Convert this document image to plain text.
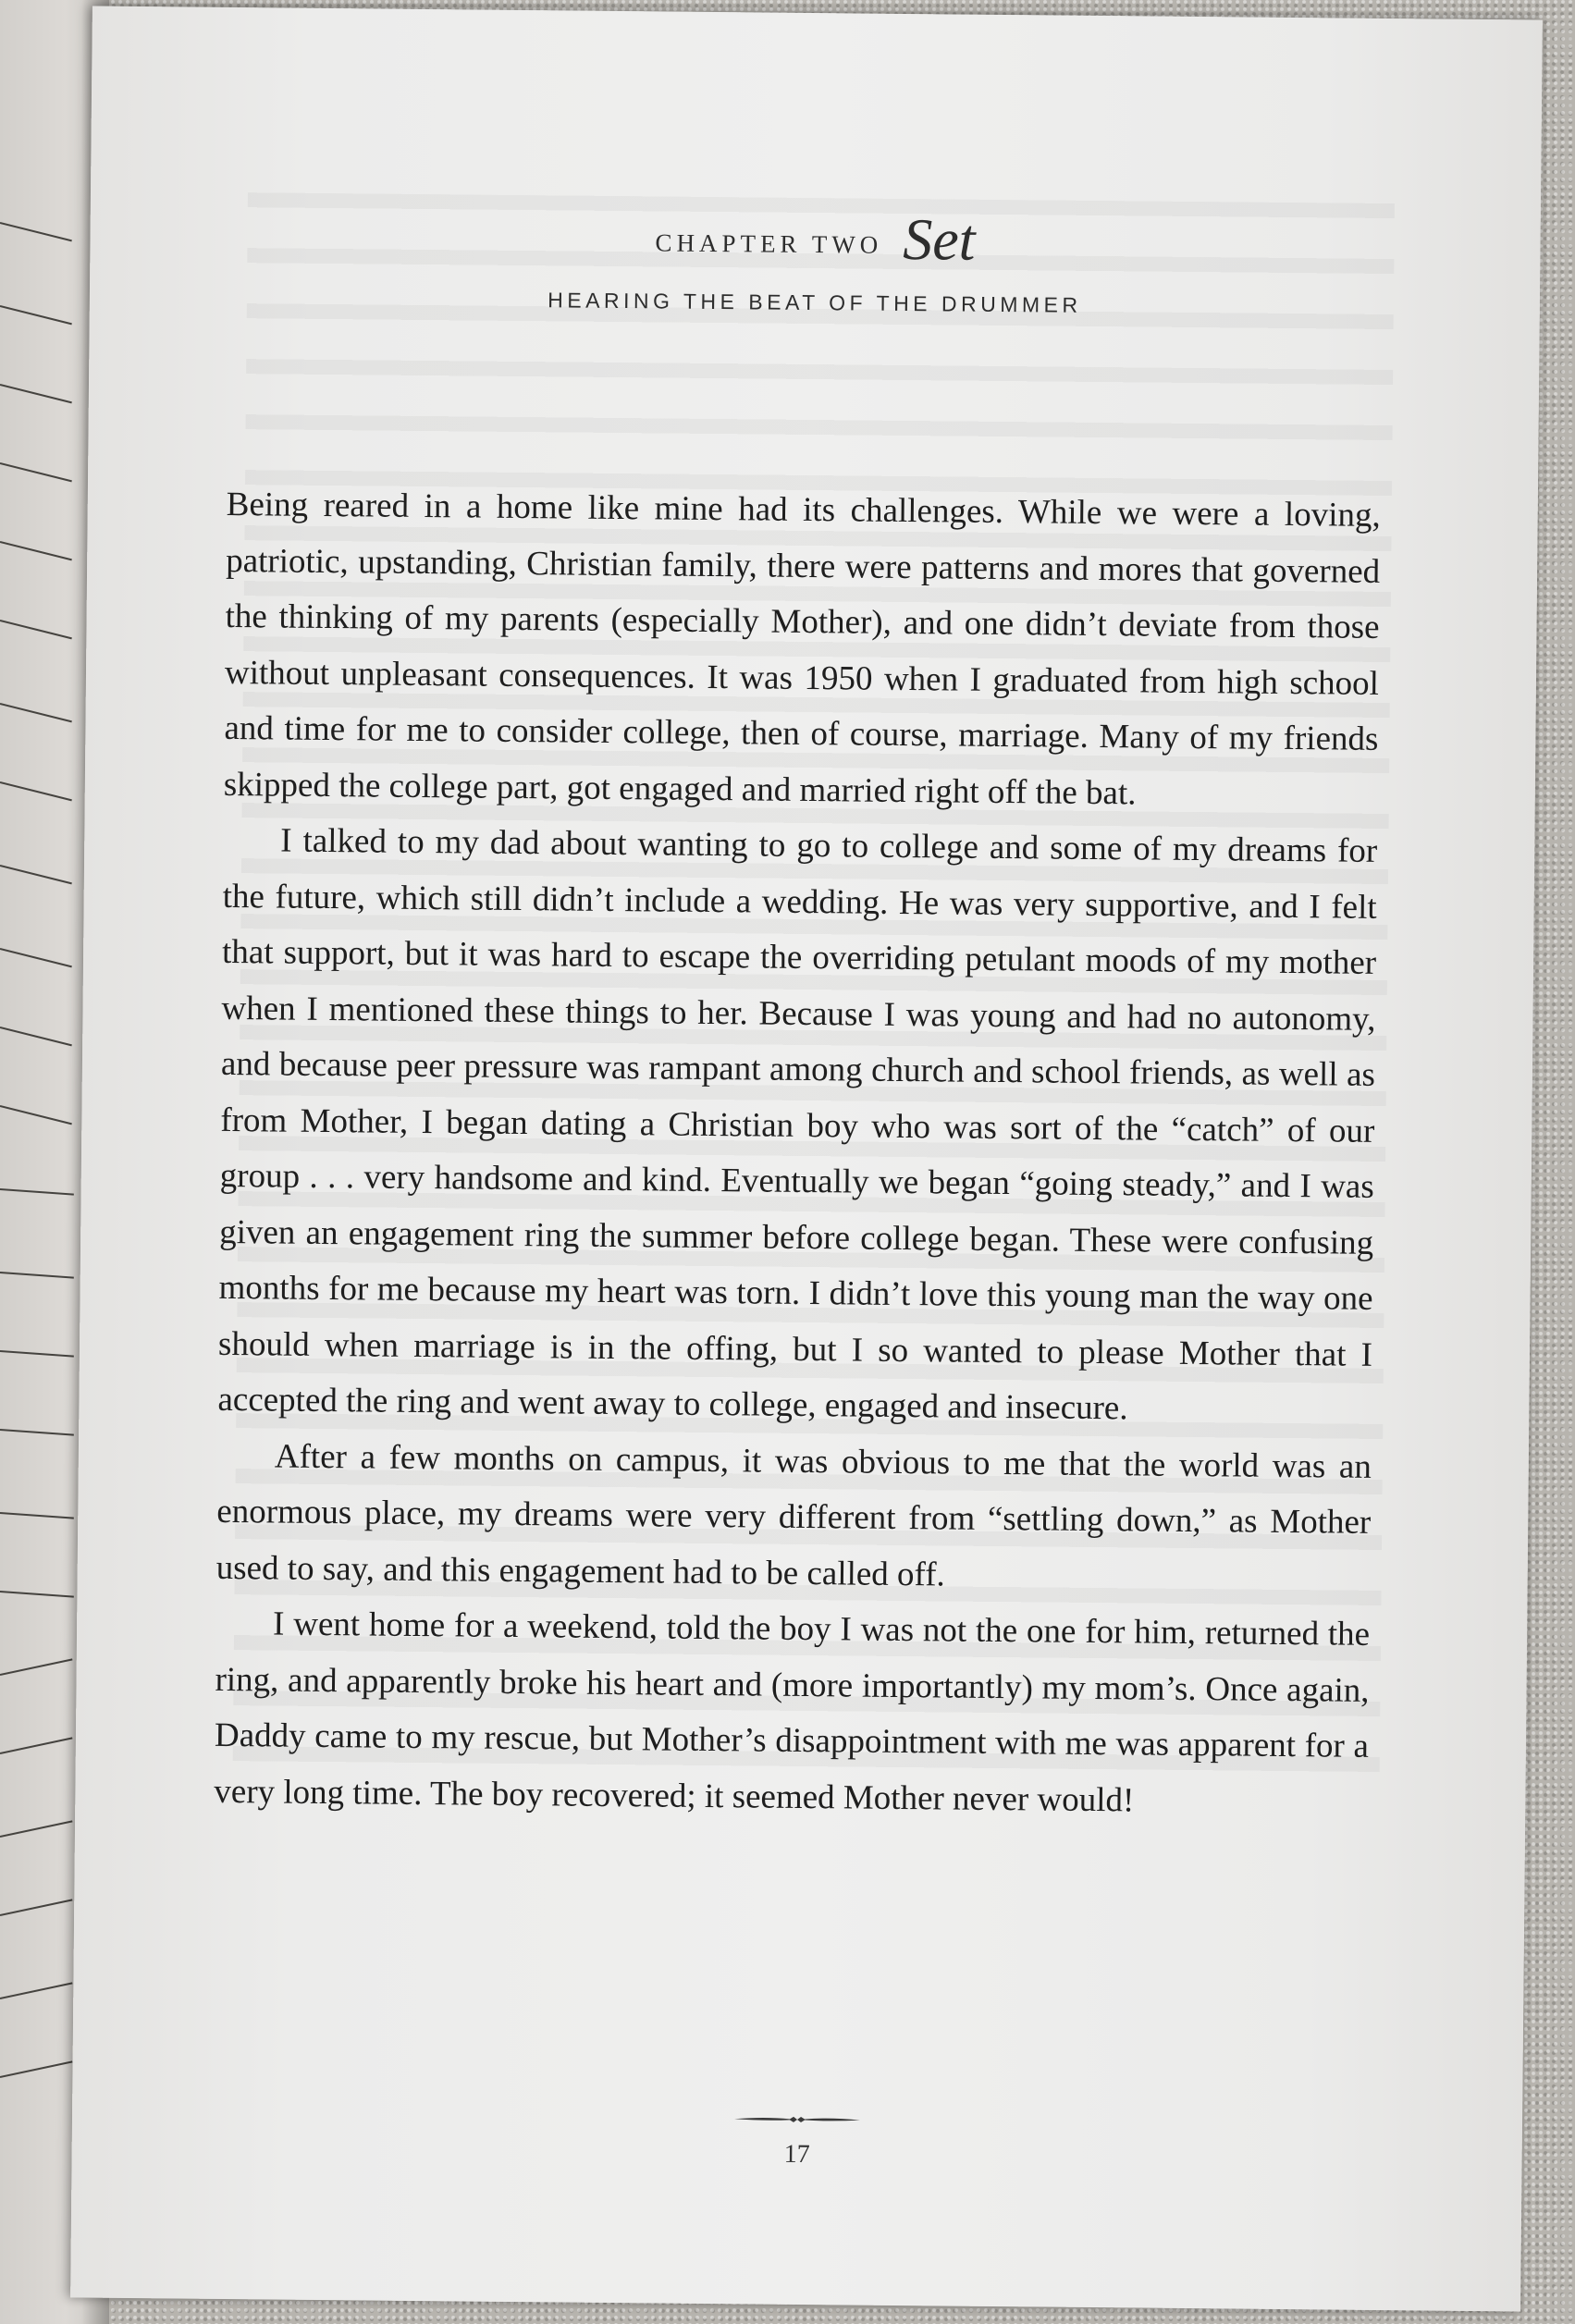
CHAPTER TWO Set
HEARING THE BEAT OF THE DRUMMER

Being reared in a home like mine had its challenges. While we were a loving, patriotic, upstanding, Christian family, there were patterns and mores that governed the thinking of my parents (especially Mother), and one didn’t deviate from those without unpleasant consequences. It was 1950 when I graduated from high school and time for me to consider college, then of course, marriage. Many of my friends skipped the college part, got engaged and married right off the bat.

I talked to my dad about wanting to go to college and some of my dreams for the future, which still didn’t include a wedding. He was very supportive, and I felt that support, but it was hard to escape the overriding petulant moods of my mother when I mentioned these things to her. Because I was young and had no autonomy, and because peer pressure was rampant among church and school friends, as well as from Mother, I began dating a Christian boy who was sort of the “catch” of our group . . . very handsome and kind. Eventually we began “going steady,” and I was given an engagement ring the summer before college began. These were confusing months for me because my heart was torn. I didn’t love this young man the way one should when marriage is in the offing, but I so wanted to please Mother that I accepted the ring and went away to college, engaged and insecure.

After a few months on campus, it was obvious to me that the world was an enormous place, my dreams were very different from “settling down,” as Mother used to say, and this engagement had to be called off.

I went home for a weekend, told the boy I was not the one for him, returned the ring, and apparently broke his heart and (more importantly) my mom’s. Once again, Daddy came to my rescue, but Mother’s disappointment with me was apparent for a very long time. The boy recovered; it seemed Mother never would!

17
